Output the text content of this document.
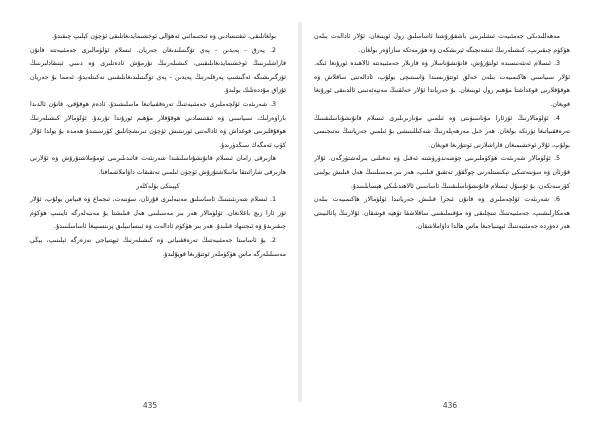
بولغانلىقى، ئىقتىسادىي ۋە ئىجتىمائىي ئەھۋالى ئوخشىمايدىغانلىقى ئۈچۈن كېلىپ چىقىدۇ.

2. پەرق - پەيدىن - پەي تۈگىتىلىدىغان جەريان. ئىسلام ئۈلۈمالىرى جەمئىيەتتە قانۇن قاراشلىرىنىڭ ئوخشىمايدىغانلىقىنى، كىشىلەرنىڭ تۇرمۇش ئادەتلىرى ۋە دىنىي ئېتىقادلىرىنىڭ ئۆزگىرىشىگە ئەگىشىپ پەرقلەرنىڭ پەيدىن - پەي تۈگىتىلىدىغانلىقىنى تەكىتلەيدۇ، ئەمما بۇ جەريان ئۇزاق مۇددەتلىك بولىدۇ.

3. شەرىئەت ئۆلچەملىرى جەمئىيەتنىڭ تەرەققىياتىغا ماسلىشىدۇ. ئادەم ھوقۇقى، قانۇن ئالدىدا باراۋەرلىك، سىياسىي ۋە ئىقتىسادىي ھوقۇقلار مۇھىم ئورۇندا تۇرىدۇ. ئۈلۈمالار كىشىلەرنىڭ ھوقۇقلىرىنى قوغداش ۋە ئادالەتنى ئورنىتىش ئۈچۈن تىرىشچانلىق كۆرسىتىدۇ ھەمدە بۇ يولدا ئۇلار كۆپ ئەمگەك سىڭدۈرىدۇ.

ھازىرقى زامان ئىسلام قانۇنشۇناسلىقىدا شەرىئەت قائىدىلىرىنى ئومۇملاشتۇرۇش ۋە ئۇلارنى ھازىرقى شارائىتقا ماسلاشتۇرۇش ئۈچۈن ئىلمىي تەتقىقات داۋاملاشماقتا.

كېيىنكى بۆلەكلەر

1. ئىسلام شەرىئىتىنىڭ ئاساسلىق مەنبەلىرى قۇرئان، سۈننەت، ئىجماع ۋە قىياس بولۇپ، ئۇلار ئۆز ئارا زىچ باغلانغان. ئۈلۈمالار ھەر بىر مەسىلىنى ھەل قىلىشتا بۇ مەنبەلەرگە تايىنىپ ھۆكۈم چىقىرىدۇ ۋە ئىجتىھاد قىلىدۇ. ھەر بىر ھۆكۈم ئادالەت ۋە ئىنسانىيلىق پرىنسىپىغا ئاساسلىنىدۇ.

2. بۇ ئاساستا جەمئىيەتنىڭ تەرەققىياتى ۋە كىشىلەرنىڭ ئېھتىياجى نەزەرگە ئېلىنىپ، يېڭى مەسىلىلەرگە ماس ھۆكۈملەر ئوتتۇرىغا قويۇلىدۇ.

435

مەھەللىدىكى جەمئىيەت ئىشلىرىنى باشقۇرۇشتا ئاساسلىق رول ئوينىغان. ئۇلار ئادالەت بىلەن ھۆكۈم چىقىرىپ، كىشىلەرنىڭ ئىشەنچىگە ئېرىشكەن ۋە ھۆرمەتكە سازاۋەر بولغان.

3. ئىسلام ئەنئەنىسىدە ئولتۇرۇش، قانۇنشۇناسلار ۋە قازىلار جەمئىيەتتە ئالاھىدە ئورۇنغا ئىگە. ئۇلار سىياسىي ھاكىمىيەت بىلەن خەلق ئوتتۇرىسىدا ۋاسىتىچى بولۇپ، ئادالەتنى ساقلاش ۋە ھوقۇقلارنى قوغداشتا مۇھىم رول ئوينىغان. بۇ جەرياندا ئۇلار خەلقنىڭ مەنپەئەتىنى ئالدىنقى ئورۇنغا قويغان.

4. ئۈلۈمالارنىڭ ئۆزئارا مۇناسىۋىتى ۋە ئىلمىي مۇنازىرىلىرى ئىسلام قانۇنشۇناسلىقىنىڭ تەرەققىياتىغا تۈرتكە بولغان. ھەر خىل مەزھەپلەرنىڭ شەكىللىنىشى بۇ ئىلمىي جەرياننىڭ نەتىجىسى بولۇپ، ئۇلار ئوخشىمىغان قاراشلارنى ئوتتۇرىغا قويغان.

5. ئۈلۈمالار شەرىئەت ھۆكۈملىرىنى چۈشەندۈرۈشتە ئەقىل ۋە نەقىلنى بىرلەشتۈرگەن. ئۇلار قۇرئان ۋە سۈننەتتىكى تېكىستلەرنى چوڭقۇر تەتقىق قىلىپ، ھەر بىر مەسىلىنىڭ ھەل قىلىش يولىنى كۆرسەتكەن. بۇ ئۇسۇل ئىسلام قانۇنشۇناسلىقىنىڭ ئاساسىي ئالاھىدىلىكى ھېسابلىنىدۇ.

6. شەرىئەت ئۆلچەملىرى ۋە قانۇن ئىجرا قىلىش جەريانىدا ئۈلۈمالار ھاكىمىيەت بىلەن ھەمكارلىشىپ، جەمئىيەتنىڭ تىنچلىقى ۋە مۇقىملىقىنى ساقلاشقا تۆھپە قوشقان. ئۇلارنىڭ پائالىيىتى ھەر دەۋردە جەمئىيەتنىڭ ئېھتىياجىغا ماس ھالدا داۋاملاشقان.

436
